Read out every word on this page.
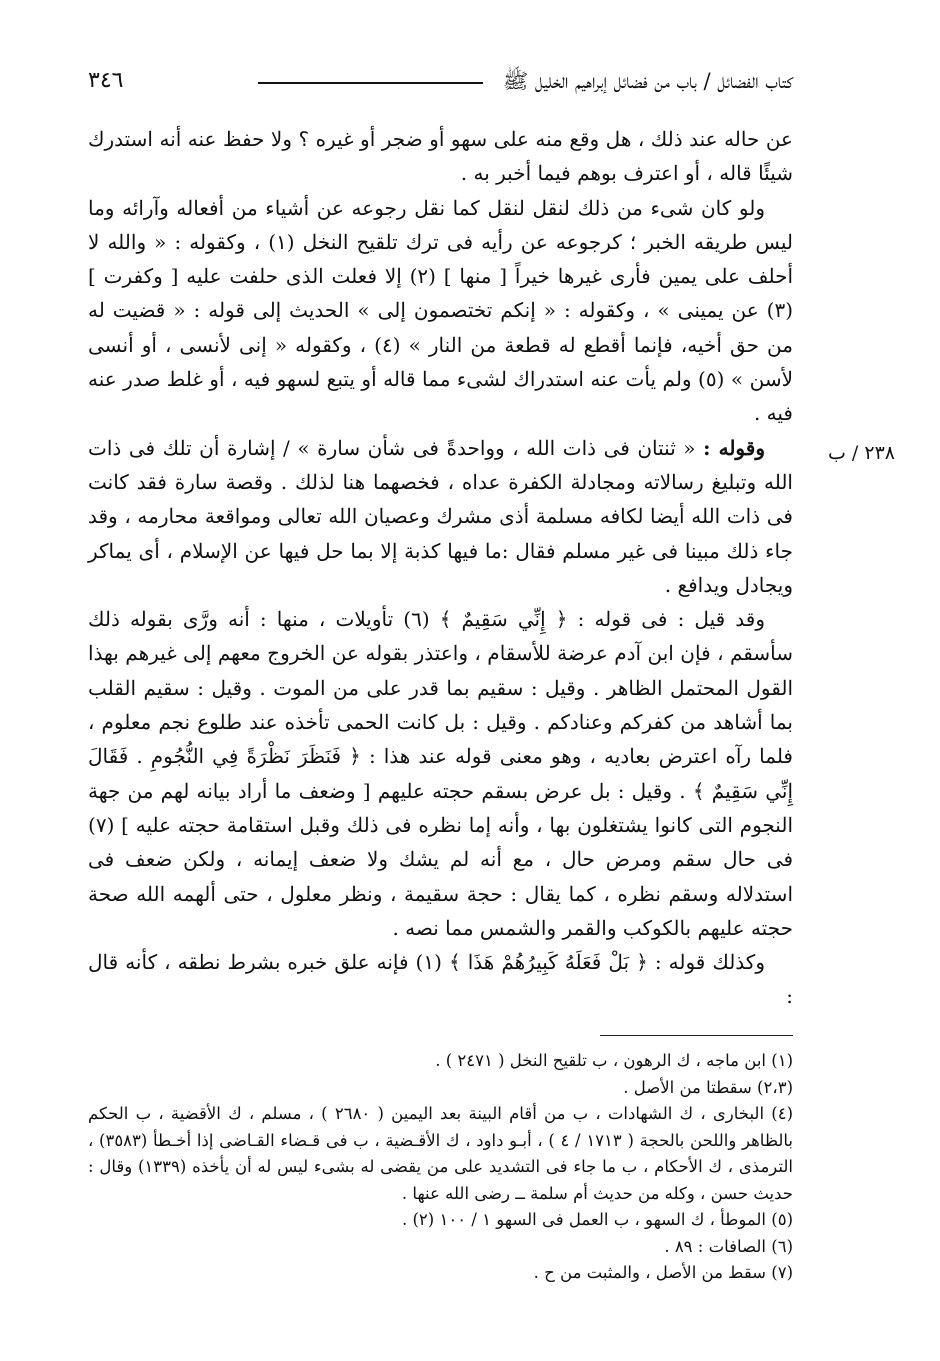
كتاب الفضائل / باب من فضائل إبراهيم الخليل ﷺ
٣٤٦
٢٣٨ / ب

عن حاله عند ذلك ، هل وقع منه على سهو أو ضجر أو غيره ؟ ولا حفظ عنه أنه استدرك شيئًا قاله ، أو اعترف بوهم فيما أخبر به .

ولو كان شىء من ذلك لنقل لنقل كما نقل رجوعه عن أشياء من أفعاله وآرائه وما ليس طريقه الخبر ؛ كرجوعه عن رأيه فى ترك تلقيح النخل (١) ، وكقوله : « والله لا أحلف على يمين فأرى غيرها خيراً [ منها ] (٢) إلا فعلت الذى حلفت عليه [ وكفرت ] (٣) عن يمينى » ، وكقوله : « إنكم تختصمون إلى » الحديث إلى قوله : « قضيت له من حق أخيه، فإنما أقطع له قطعة من النار » (٤) ، وكقوله « إنى لأنسى ، أو أنسى لأسن » (٥) ولم يأت عنه استدراك لشىء مما قاله أو يتبع لسهو فيه ، أو غلط صدر عنه فيه .

وقوله : « ثنتان فى ذات الله ، وواحدةً فى شأن سارة » / إشارة أن تلك فى ذات الله وتبليغ رسالاته ومجادلة الكفرة عداه ، فخصهما هنا لذلك . وقصة سارة فقد كانت فى ذات الله أيضا لكافه مسلمة أذى مشرك وعصيان الله تعالى ومواقعة محارمه ، وقد جاء ذلك مبينا فى غير مسلم فقال :ما فيها كذبة إلا بما حل فيها عن الإسلام ، أى يماكر ويجادل ويدافع .

وقد قيل : فى قوله : ﴿ إِنِّي سَقِيمٌ ﴾ (٦) تأويلات ، منها : أنه ورَّى بقوله ذلك سأسقم ، فإن ابن آدم عرضة للأسقام ، واعتذر بقوله عن الخروج معهم إلى غيرهم بهذا القول المحتمل الظاهر . وقيل : سقيم بما قدر على من الموت . وقيل : سقيم القلب بما أشاهد من كفركم وعنادكم . وقيل : بل كانت الحمى تأخذه عند طلوع نجم معلوم ، فلما رآه اعترض بعاديه ، وهو معنى قوله عند هذا : ﴿ فَنَظَرَ نَظْرَةً فِي النُّجُومِ . فَقَالَ إِنِّي سَقِيمٌ ﴾ . وقيل : بل عرض بسقم حجته عليهم [ وضعف ما أراد بيانه لهم من جهة النجوم التى كانوا يشتغلون بها ، وأنه إما نظره فى ذلك وقبل استقامة حجته عليه ] (٧) فى حال سقم ومرض حال ، مع أنه لم يشك ولا ضعف إيمانه ، ولكن ضعف فى استدلاله وسقم نظره ، كما يقال : حجة سقيمة ، ونظر معلول ، حتى ألهمه الله صحة حجته عليهم بالكوكب والقمر والشمس مما نصه .

وكذلك قوله : ﴿ بَلْ فَعَلَهُ كَبِيرُهُمْ هَذَا ﴾ (١) فإنه علق خبره بشرط نطقه ، كأنه قال :

(١) ابن ماجه ، ك الرهون ، ب تلقيح النخل ( ٢٤٧١ ) .

(٢،٣) سقطتا من الأصل .

(٤) البخارى ، ك الشهادات ، ب من أقام البينة بعد اليمين ( ٢٦٨٠ ) ، مسلم ، ك الأقضية ، ب الحكم بالظاهر واللحن بالحجة ( ١٧١٣ / ٤ ) ، أبـو داود ، ك الأقـضية ، ب فى قـضاء القـاضى إذا أخـطأ (٣٥٨٣) ، الترمذى ، ك الأحكام ، ب ما جاء فى التشديد على من يقضى له بشىء ليس له أن يأخذه (١٣٣٩) وقال : حديث حسن ، وكله من حديث أم سلمة ــ رضى الله عنها .

(٥) الموطأ ، ك السهو ، ب العمل فى السهو ١ / ١٠٠ (٢) .

(٦) الصافات : ٨٩ .

(٧) سقط من الأصل ، والمثبت من ح .
